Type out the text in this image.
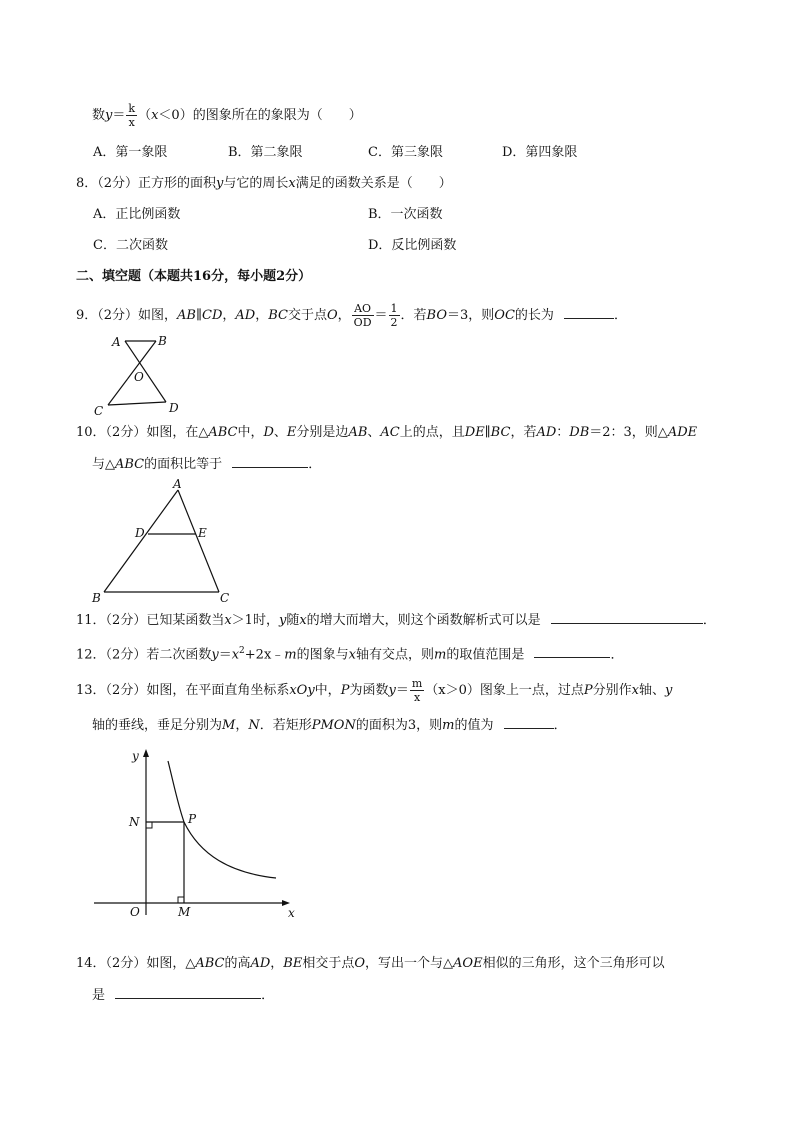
数$y= \frac{k}{x} (x<0)$的图象所在的象限为（　　）
A．第一象限	B．第二象限	C．第三象限	D．第四象限
8．（2分）正方形的面积y与它的周长x满足的函数关系是（　　）
A．正比例函数	B．一次函数
C．二次函数	D．反比例函数
二、填空题（本题共16分，每小题2分）
9．（2分）如图，AB∥CD，AD，BC交于点O， $\frac{AO}{OD} = \frac{1}{2}$ ．若BO＝3，则OC的长为	．
A	B
O
C	D
10．（2分）如图，在△ABC中，D、E分别是边AB、AC上的点，且DE∥BC，若AD：DB＝2：3，则△ADE
与△ABC的面积比等于	．
A
D	E
B	C
11．（2分）已知某函数当x＞1时，y随x的增大而增大，则这个函数解析式可以是	．
12．（2分）若二次函数$y=x^2+2x﹣m$的图象与x轴有交点，则m的取值范围是	．
13．（2分）如图，在平面直角坐标系xOy中，P为函数$y= \frac{m}{x} (x>0)$图象上一点，过点P分别作x轴、y
轴的垂线，垂足分别为M，N．若矩形PMON的面积为3，则m的值为	．
y
x
O
N	P
M
14．（2分）如图，△ABC的高AD，BE相交于点O，写出一个与△AOE相似的三角形，这个三角形可以
是	．
